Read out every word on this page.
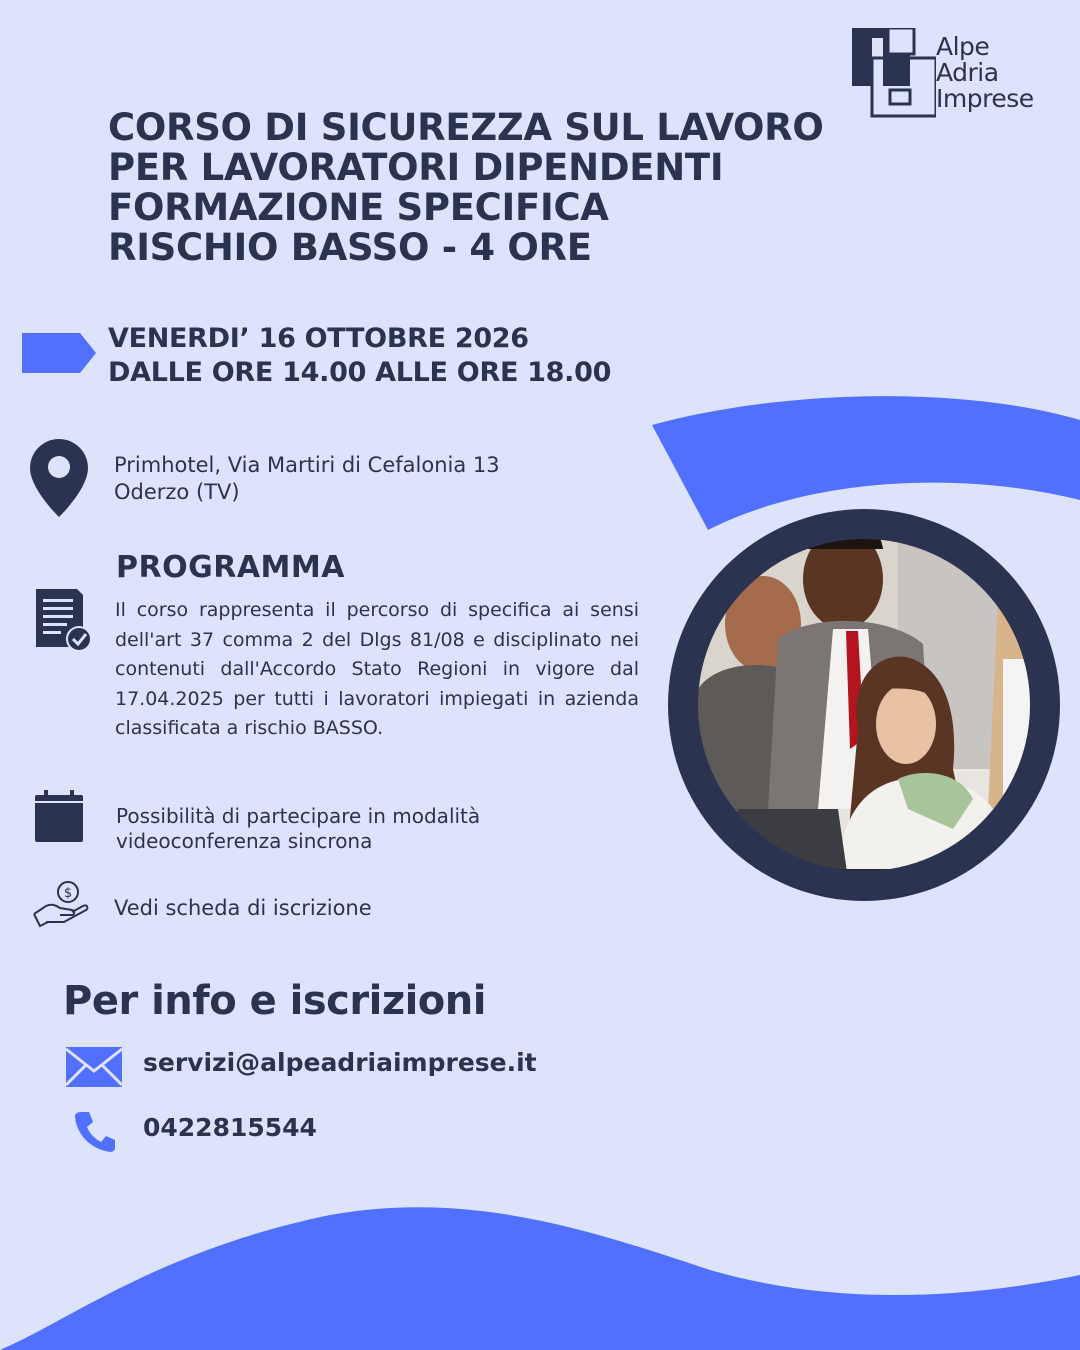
Alpe
Adria
Imprese
CORSO DI SICUREZZA SUL LAVORO
PER LAVORATORI DIPENDENTI
FORMAZIONE SPECIFICA
RISCHIO BASSO - 4 ORE
VENERDI’ 16 OTTOBRE 2026
DALLE ORE 14.00 ALLE ORE 18.00
Primhotel, Via Martiri di Cefalonia 13
Oderzo (TV)
PROGRAMMA

Il corso rappresenta il percorso di specifica ai sensi dell'art 37 comma 2 del Dlgs 81/08 e disciplinato nei contenuti dall'Accordo Stato Regioni in vigore dal 17.04.2025 per tutti i lavoratori impiegati in azienda classificata a rischio BASSO.

Possibilità di partecipare in modalità
videoconferenza sincrona
$
Vedi scheda di iscrizione
Per info e iscrizioni
servizi@alpeadriaimprese.it
0422815544
